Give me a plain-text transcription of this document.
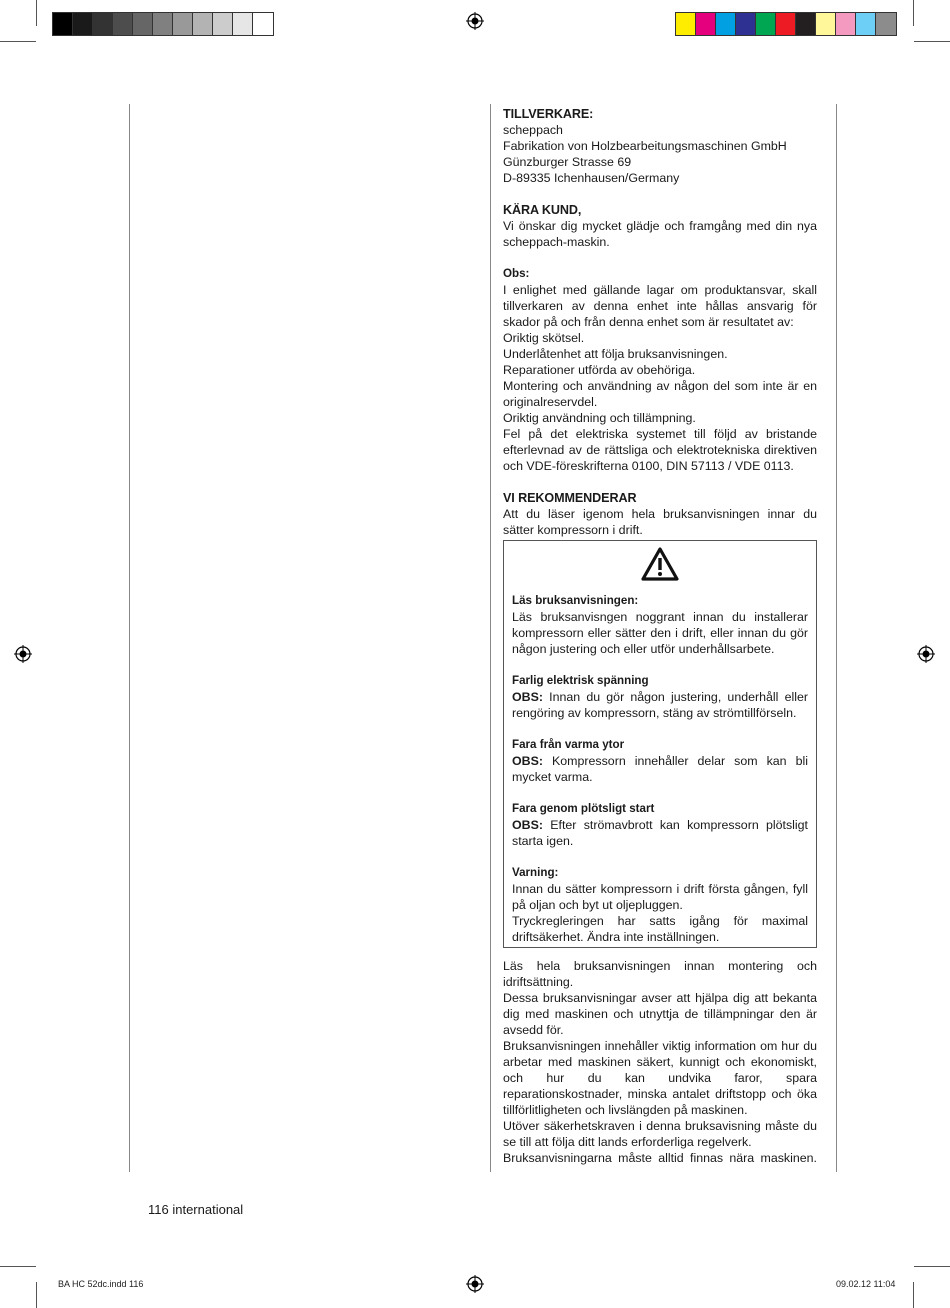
TILLVERKARE:

scheppach

Fabrikation von Holzbearbeitungsmaschinen GmbH

Günzburger Strasse 69

D-89335 Ichenhausen/Germany

KÄRA KUND,

Vi önskar dig mycket glädje och framgång med din nya scheppach-maskin.

Obs:

I enlighet med gällande lagar om produktansvar, skall tillverkaren av denna enhet inte hållas ansvarig för skador på och från denna enhet som är resultatet av:

Oriktig skötsel.

Underlåtenhet att följa bruksanvisningen.

Reparationer utförda av obehöriga.

Montering och användning av någon del som inte är en originalreservdel.

Oriktig användning och tillämpning.

Fel på det elektriska systemet till följd av bristande efterlevnad av de rättsliga och elektrotekniska direktiven och VDE-föreskrifterna 0100, DIN 57113 / VDE 0113.

VI REKOMMENDERAR

Att du läser igenom hela bruksanvisningen innar du sätter kompressorn i drift.

Läs bruksanvisningen:

Läs bruksanvisngen noggrant innan du installerar kompressorn eller sätter den i drift, eller innan du gör någon justering och eller utför underhållsarbete.

Farlig elektrisk spänning

OBS: Innan du gör någon justering, underhåll eller rengöring av kompressorn, stäng av strömtillförseln.

Fara från varma ytor

OBS: Kompressorn innehåller delar som kan bli mycket varma.

Fara genom plötsligt start

OBS: Efter strömavbrott kan kompressorn plötsligt starta igen.

Varning:

Innan du sätter kompressorn i drift första gången, fyll på oljan och byt ut oljepluggen.

Tryckregleringen har satts igång för maximal driftsäkerhet. Ändra inte inställningen.

Läs hela bruksanvisningen innan montering och idriftsättning.

Dessa bruksanvisningar avser att hjälpa dig att bekanta dig med maskinen och utnyttja de tillämpningar den är avsedd för.

Bruksanvisningen innehåller viktig information om hur du arbetar med maskinen säkert, kunnigt och ekonomiskt, och hur du kan undvika faror, spara reparationskostnader, minska antalet driftstopp och öka tillförlitligheten och livslängden på maskinen.

Utöver säkerhetskraven i denna bruksavisning måste du se till att följa ditt lands erforderliga regelverk.

Bruksanvisningarna måste alltid finnas nära maskinen.

116 international
BA HC 52dc.indd 116	09.02.12 11:04
